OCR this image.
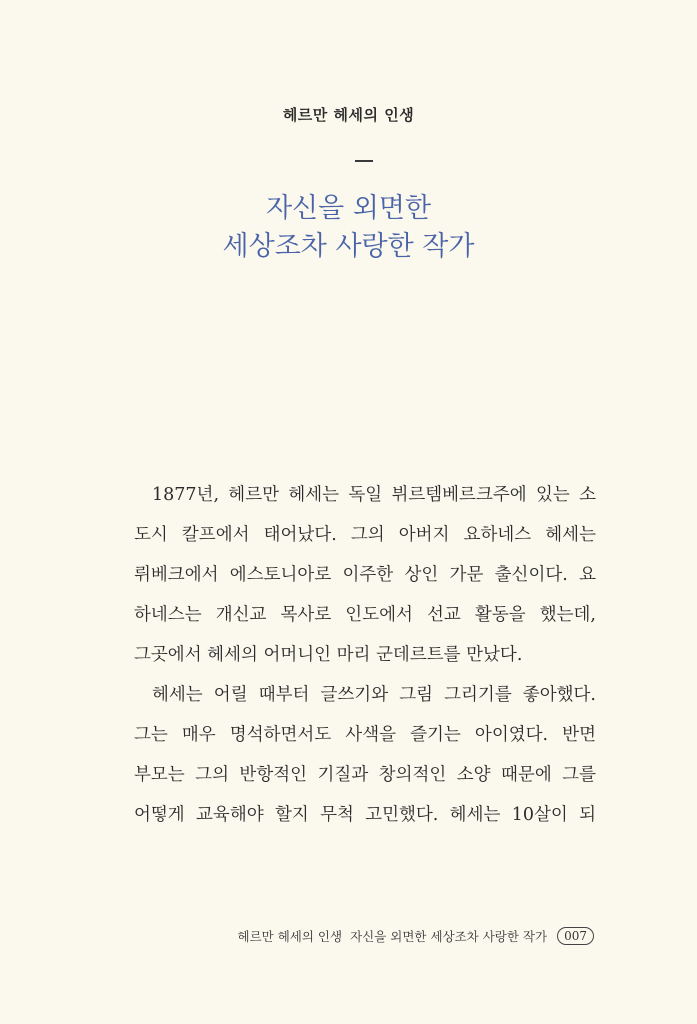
헤르만 헤세의 인생
자신을 외면한
세상조차 사랑한 작가
1877년, 헤르만 헤세는 독일 뷔르템베르크주에 있는 소
도시 칼프에서 태어났다. 그의 아버지 요하네스 헤세는
뤼베크에서 에스토니아로 이주한 상인 가문 출신이다. 요
하네스는 개신교 목사로 인도에서 선교 활동을 했는데,
그곳에서 헤세의 어머니인 마리 군데르트를 만났다.
헤세는 어릴 때부터 글쓰기와 그림 그리기를 좋아했다.
그는 매우 명석하면서도 사색을 즐기는 아이였다. 반면
부모는 그의 반항적인 기질과 창의적인 소양 때문에 그를
어떻게 교육해야 할지 무척 고민했다. 헤세는 10살이 되
헤르만 헤세의 인생 자신을 외면한 세상조차 사랑한 작가	007
